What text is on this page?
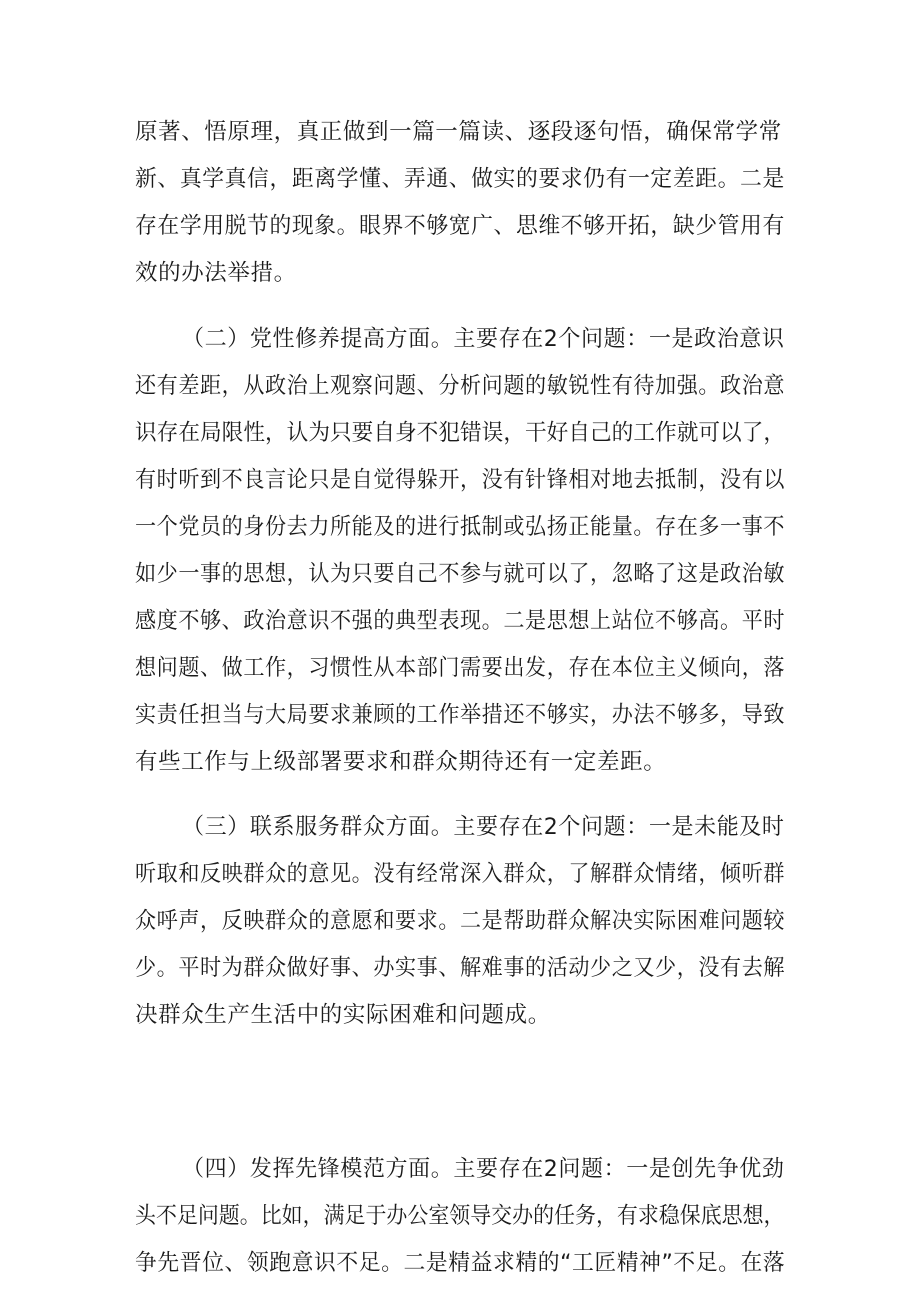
原著、悟原理，真正做到一篇一篇读、逐段逐句悟，确保常学常
新、真学真信，距离学懂、弄通、做实的要求仍有一定差距。二是
存在学用脱节的现象。眼界不够宽广、思维不够开拓，缺少管用有
效的办法举措。
（二）党性修养提高方面。主要存在2个问题：一是政治意识
还有差距，从政治上观察问题、分析问题的敏锐性有待加强。政治意
识存在局限性，认为只要自身不犯错误，干好自己的工作就可以了，
有时听到不良言论只是自觉得躲开，没有针锋相对地去抵制，没有以
一个党员的身份去力所能及的进行抵制或弘扬正能量。存在多一事不
如少一事的思想，认为只要自己不参与就可以了，忽略了这是政治敏
感度不够、政治意识不强的典型表现。二是思想上站位不够高。平时
想问题、做工作，习惯性从本部门需要出发，存在本位主义倾向，落
实责任担当与大局要求兼顾的工作举措还不够实，办法不够多，导致
有些工作与上级部署要求和群众期待还有一定差距。
（三）联系服务群众方面。主要存在2个问题：一是未能及时
听取和反映群众的意见。没有经常深入群众，了解群众情绪，倾听群
众呼声，反映群众的意愿和要求。二是帮助群众解决实际困难问题较
少。平时为群众做好事、办实事、解难事的活动少之又少，没有去解
决群众生产生活中的实际困难和问题成。
（四）发挥先锋模范方面。主要存在2问题：一是创先争优劲
头不足问题。比如，满足于办公室领导交办的任务，有求稳保底思想，
争先晋位、领跑意识不足。二是精益求精的“工匠精神”不足。在落
